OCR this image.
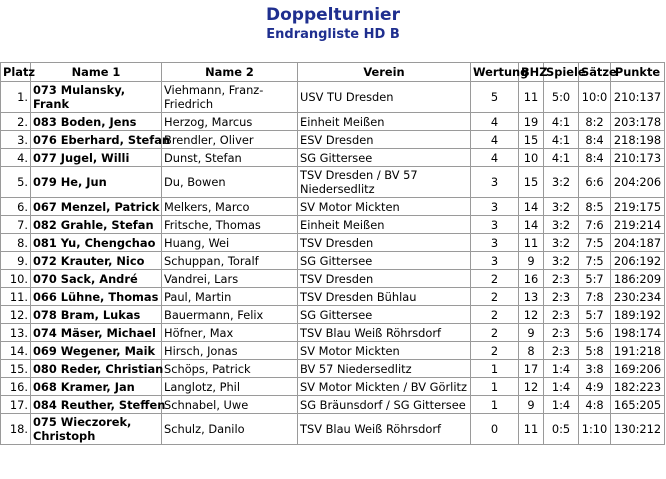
Doppelturnier
Endrangliste HD B
Platz	Name 1	Name 2	Verein	Wertung	BHZ	Spiele	Sätze	Punkte
1.	073 Mulansky, Frank	Viehmann, Franz-Friedrich	USV TU Dresden	5	11	5:0	10:0	210:137
2.	083 Boden, Jens	Herzog, Marcus	Einheit Meißen	4	19	4:1	8:2	203:178
3.	076 Eberhard, Stefan	Brendler, Oliver	ESV Dresden	4	15	4:1	8:4	218:198
4.	077 Jugel, Willi	Dunst, Stefan	SG Gittersee	4	10	4:1	8:4	210:173
5.	079 He, Jun	Du, Bowen	TSV Dresden / BV 57 Niedersedlitz	3	15	3:2	6:6	204:206
6.	067 Menzel, Patrick	Melkers, Marco	SV Motor Mickten	3	14	3:2	8:5	219:175
7.	082 Grahle, Stefan	Fritsche, Thomas	Einheit Meißen	3	14	3:2	7:6	219:214
8.	081 Yu, Chengchao	Huang, Wei	TSV Dresden	3	11	3:2	7:5	204:187
9.	072 Krauter, Nico	Schuppan, Toralf	SG Gittersee	3	9	3:2	7:5	206:192
10.	070 Sack, André	Vandrei, Lars	TSV Dresden	2	16	2:3	5:7	186:209
11.	066 Lühne, Thomas	Paul, Martin	TSV Dresden Bühlau	2	13	2:3	7:8	230:234
12.	078 Bram, Lukas	Bauermann, Felix	SG Gittersee	2	12	2:3	5:7	189:192
13.	074 Mäser, Michael	Höfner, Max	TSV Blau Weiß Röhrsdorf	2	9	2:3	5:6	198:174
14.	069 Wegener, Maik	Hirsch, Jonas	SV Motor Mickten	2	8	2:3	5:8	191:218
15.	080 Reder, Christian	Schöps, Patrick	BV 57 Niedersedlitz	1	17	1:4	3:8	169:206
16.	068 Kramer, Jan	Langlotz, Phil	SV Motor Mickten / BV Görlitz	1	12	1:4	4:9	182:223
17.	084 Reuther, Steffen	Schnabel, Uwe	SG Bräunsdorf / SG Gittersee	1	9	1:4	4:8	165:205
18.	075 Wieczorek, Christoph	Schulz, Danilo	TSV Blau Weiß Röhrsdorf	0	11	0:5	1:10	130:212
